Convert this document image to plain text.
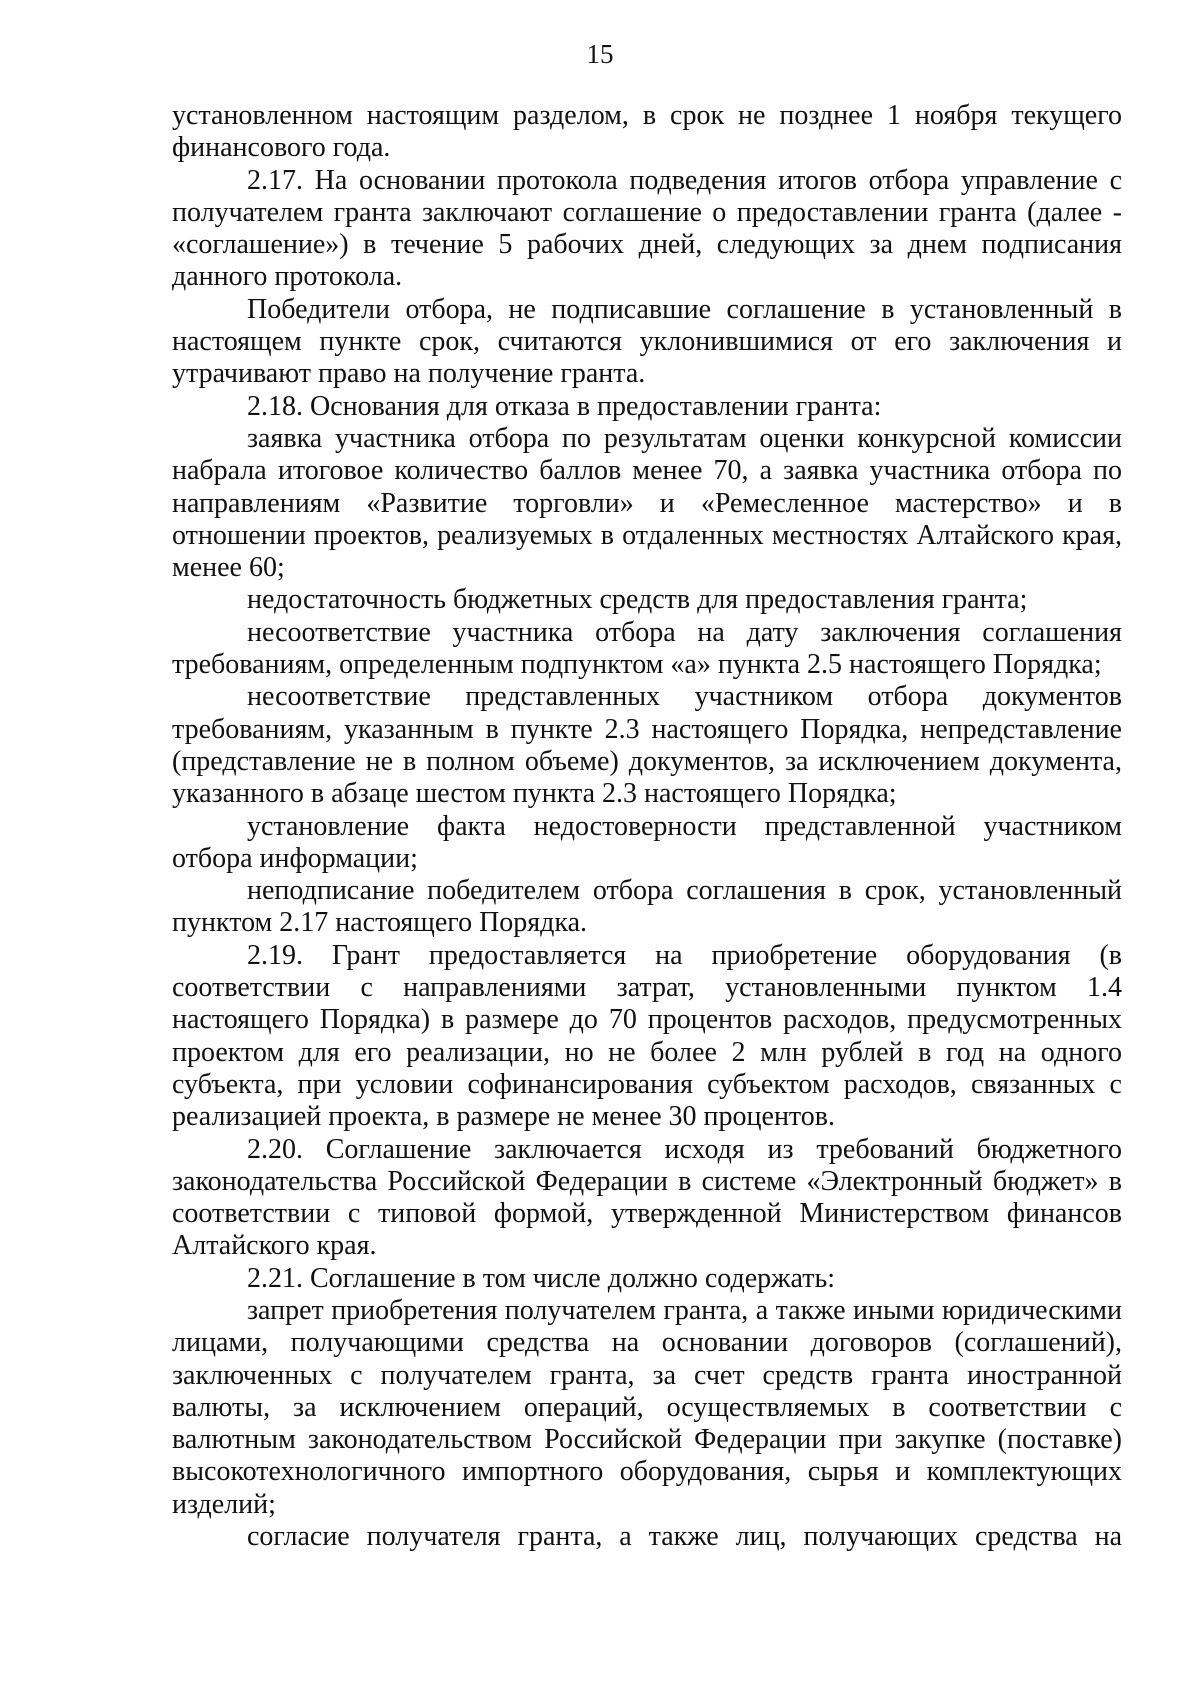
15

установленном настоящим разделом, в срок не позднее 1 ноября текущего финансового года.

2.17. На основании протокола подведения итогов отбора управление с получателем гранта заключают соглашение о предоставлении гранта (далее - «соглашение») в течение 5 рабочих дней, следующих за днем подписания данного протокола.

Победители отбора, не подписавшие соглашение в установленный в настоящем пункте срок, считаются уклонившимися от его заключения и утрачивают право на получение гранта.

2.18. Основания для отказа в предоставлении гранта:

заявка участника отбора по результатам оценки конкурсной комиссии набрала итоговое количество баллов менее 70, а заявка участника отбора по направлениям «Развитие торговли» и «Ремесленное мастерство» и в отношении проектов, реализуемых в отдаленных местностях Алтайского края, менее 60;

недостаточность бюджетных средств для предоставления гранта;

несоответствие участника отбора на дату заключения соглашения требованиям, определенным подпунктом «а» пункта 2.5 настоящего Порядка;

несоответствие представленных участником отбора документов требованиям, указанным в пункте 2.3 настоящего Порядка, непредставление (представление не в полном объеме) документов, за исключением документа, указанного в абзаце шестом пункта 2.3 настоящего Порядка;

установление факта недостоверности представленной участником отбора информации;

неподписание победителем отбора соглашения в срок, установленный пунктом 2.17 настоящего Порядка.

2.19. Грант предоставляется на приобретение оборудования (в соответствии с направлениями затрат, установленными пунктом 1.4 настоящего Порядка) в размере до 70 процентов расходов, предусмотренных проектом для его реализации, но не более 2 млн рублей в год на одного субъекта, при условии софинансирования субъектом расходов, связанных с реализацией проекта, в размере не менее 30 процентов.

2.20. Соглашение заключается исходя из требований бюджетного законодательства Российской Федерации в системе «Электронный бюджет» в соответствии с типовой формой, утвержденной Министерством финансов Алтайского края.

2.21. Соглашение в том числе должно содержать:

запрет приобретения получателем гранта, а также иными юридическими лицами, получающими средства на основании договоров (соглашений), заключенных с получателем гранта, за счет средств гранта иностранной валюты, за исключением операций, осуществляемых в соответствии с валютным законодательством Российской Федерации при закупке (поставке) высокотехнологичного импортного оборудования, сырья и комплектующих изделий;

согласие получателя гранта, а также лиц, получающих средства на
